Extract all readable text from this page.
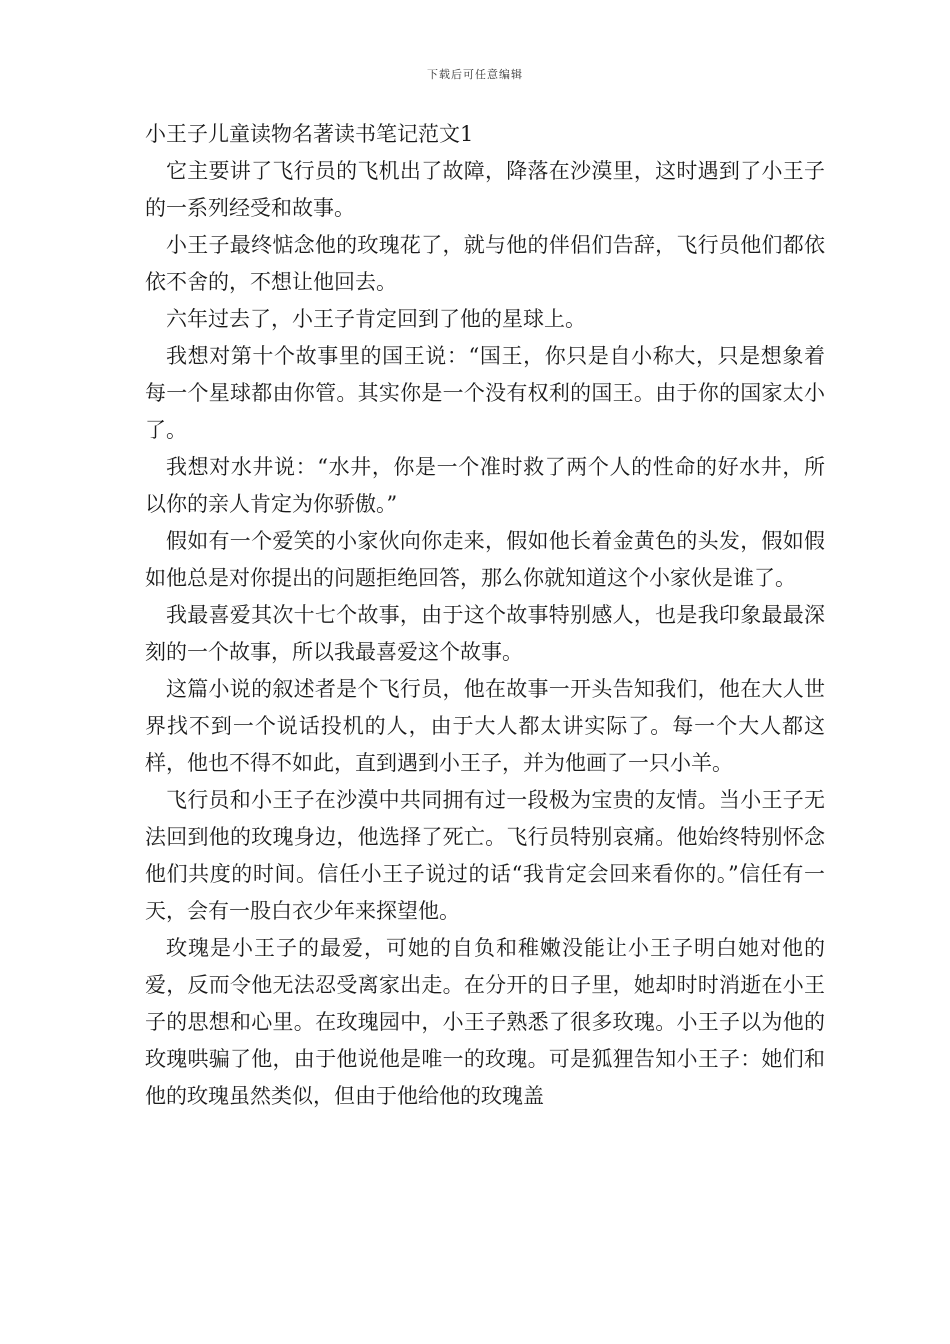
下载后可任意编辑
小王子儿童读物名著读书笔记范文1

它主要讲了飞行员的飞机出了故障，降落在沙漠里，这时遇到了小王子的一系列经受和故事。

小王子最终惦念他的玫瑰花了，就与他的伴侣们告辞，飞行员他们都依依不舍的，不想让他回去。

六年过去了，小王子肯定回到了他的星球上。

我想对第十个故事里的国王说：“国王，你只是自小称大，只是想象着每一个星球都由你管。其实你是一个没有权利的国王。由于你的国家太小了。

我想对水井说：“水井，你是一个准时救了两个人的性命的好水井，所以你的亲人肯定为你骄傲。”

假如有一个爱笑的小家伙向你走来，假如他长着金黄色的头发，假如假如他总是对你提出的问题拒绝回答，那么你就知道这个小家伙是谁了。

我最喜爱其次十七个故事，由于这个故事特别感人，也是我印象最最深刻的一个故事，所以我最喜爱这个故事。

这篇小说的叙述者是个飞行员，他在故事一开头告知我们，他在大人世界找不到一个说话投机的人，由于大人都太讲实际了。每一个大人都这样，他也不得不如此，直到遇到小王子，并为他画了一只小羊。

飞行员和小王子在沙漠中共同拥有过一段极为宝贵的友情。当小王子无法回到他的玫瑰身边，他选择了死亡。飞行员特别哀痛。他始终特别怀念他们共度的时间。信任小王子说过的话“我肯定会回来看你的。”信任有一天，会有一股白衣少年来探望他。

玫瑰是小王子的最爱，可她的自负和稚嫩没能让小王子明白她对他的爱，反而令他无法忍受离家出走。在分开的日子里，她却时时消逝在小王子的思想和心里。在玫瑰园中，小王子熟悉了很多玫瑰。小王子以为他的玫瑰哄骗了他，由于他说他是唯一的玫瑰。可是狐狸告知小王子：她们和他的玫瑰虽然类似，但由于他给他的玫瑰盖
